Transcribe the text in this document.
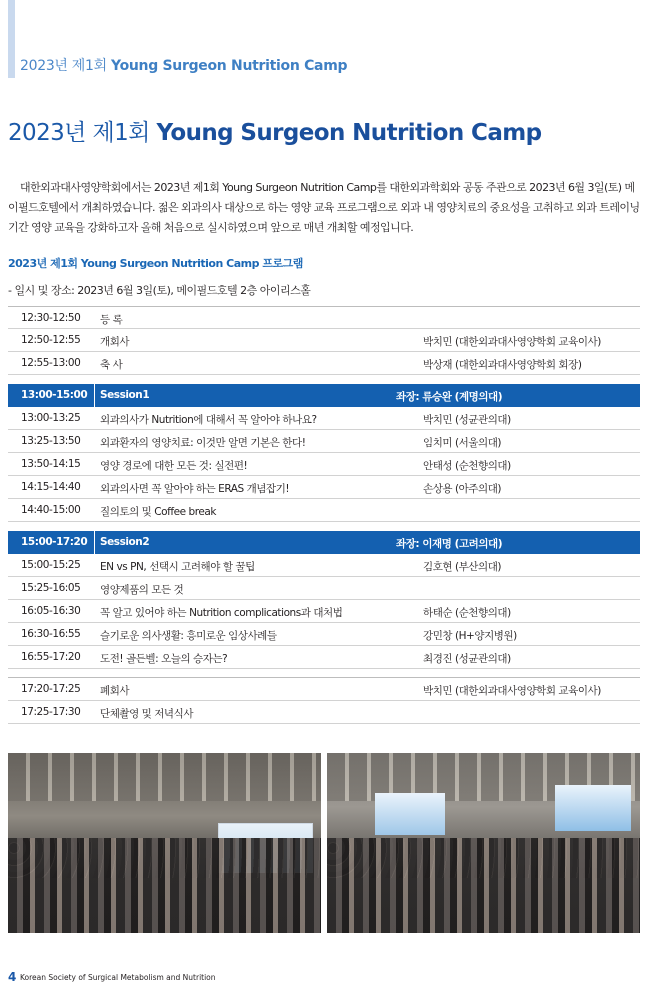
2023년 제1회 Young Surgeon Nutrition Camp
2023년 제1회 Young Surgeon Nutrition Camp

대한외과대사영양학회에서는 2023년 제1회 Young Surgeon Nutrition Camp를 대한외과학회와 공동 주관으로 2023년 6월 3일(토) 메이필드호텔에서 개최하였습니다. 젊은 외과의사 대상으로 하는 영양 교육 프로그램으로 외과 내 영양치료의 중요성을 고취하고 외과 트레이닝 기간 영양 교육을 강화하고자 올해 처음으로 실시하였으며 앞으로 매년 개최할 예정입니다.

2023년 제1회 Young Surgeon Nutrition Camp 프로그램
- 일시 및 장소: 2023년 6월 3일(토), 메이필드호텔 2층 아이리스홀
12:30-12:50 등 록
12:50-12:55 개회사	박치민 (대한외과대사영양학회 교육이사)
12:55-13:00 축 사	박상재 (대한외과대사영양학회 회장)
13:00-15:00 Session1	좌장: 류승완 (계명의대)
13:00-13:25 외과의사가 Nutrition에 대해서 꼭 알아야 하나요?	박치민 (성균관의대)
13:25-13:50 외과환자의 영양치료: 이것만 알면 기본은 한다!	임치미 (서울의대)
13:50-14:15 영양 경로에 대한 모든 것: 실전편!	안태성 (순천향의대)
14:15-14:40 외과의사면 꼭 알아야 하는 ERAS 개념잡기!	손상용 (아주의대)
14:40-15:00 질의토의 및 Coffee break
15:00-17:20 Session2	좌장: 이재명 (고려의대)
15:00-15:25 EN vs PN, 선택시 고려해야 할 꿀팁	김호현 (부산의대)
15:25-16:05 영양제품의 모든 것
16:05-16:30 꼭 알고 있어야 하는 Nutrition complications과 대처법	하태순 (순천향의대)
16:30-16:55 슬기로운 의사생활: 흥미로운 임상사례들	강민창 (H+양지병원)
16:55-17:20 도전! 골든벨: 오늘의 승자는?	최경진 (성균관의대)
17:20-17:25 폐회사	박치민 (대한외과대사영양학회 교육이사)
17:25-17:30 단체촬영 및 저녁식사
4 Korean Society of Surgical Metabolism and Nutrition
